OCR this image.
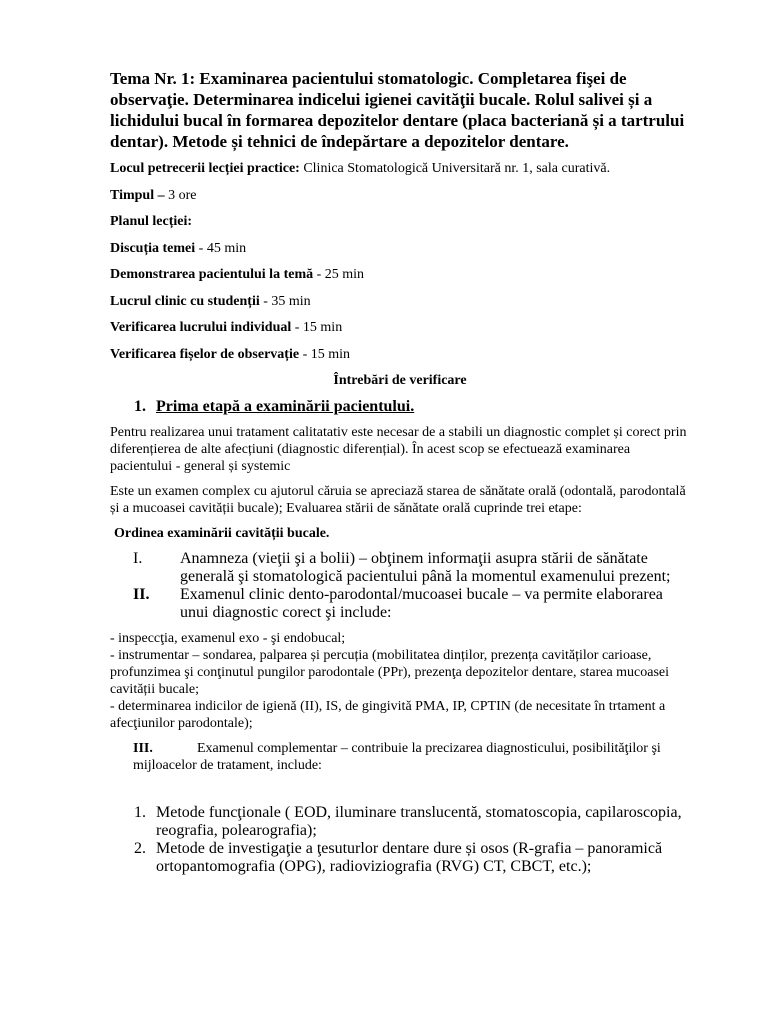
Tema Nr. 1: Examinarea pacientului stomatologic. Completarea fişei de observaţie. Determinarea indicelui igienei cavităţii bucale. Rolul salivei și a lichidului bucal în formarea depozitelor dentare (placa bacteriană și a tartrului dentar). Metode și tehnici de îndepărtare a depozitelor dentare.

Locul petrecerii lecției practice: Clinica Stomatologică Universitară nr. 1, sala curativă.

Timpul – 3 ore

Planul lecției:

Discuția temei - 45 min

Demonstrarea pacientului la temă - 25 min

Lucrul clinic cu studenții - 35 min

Verificarea lucrului individual - 15 min

Verificarea fișelor de observație - 15 min

Întrebări de verificare

1. Prima etapă a examinării pacientului.

Pentru realizarea unui tratament calitatativ este necesar de a stabili un diagnostic complet și corect prin diferențierea de alte afecțiuni (diagnostic diferențial). În acest scop se efectuează examinarea pacientului - general și systemic

Este un examen complex cu ajutorul căruia se apreciază starea de sănătate orală (odontală, parodontală și a mucoasei cavității bucale); Evaluarea stării de sănătate orală cuprinde trei etape:

Ordinea examinării cavității bucale.

I.	Anamneza (vieţii şi a bolii) – obţinem informaţii asupra stării de sănătate generală şi stomatologică pacientului până la momentul examenului prezent;
II.	Examenul clinic dento-parodontal/mucoasei bucale – va permite elaborarea unui diagnostic corect şi include:

- inspeccţia, examenul exo - şi endobucal;

- instrumentar – sondarea, palparea și percuția (mobilitatea dinților, prezența cavităților carioase, profunzimea şi conţinutul pungilor parodontale (PPr), prezenţa depozitelor dentare, starea mucoasei cavității bucale;

- determinarea indicilor de igienă (II), IS, de gingivită PMA, IP, CPTIN (de necesitate în trtament a afecţiunilor parodontale);

III.	Examenul complementar – contribuie la precizarea diagnosticului, posibilităţilor şi mijloacelor de tratament, include:

1. Metode funcţionale ( EOD, iluminare translucentă, stomatoscopia, capilaroscopia, reografia, polearografia);
2. Metode de investigaţie a ţesuturlor dentare dure și osos (R-grafia – panoramică ortopantomografia (OPG), radioviziografia (RVG) CT, CBCT, etc.);
